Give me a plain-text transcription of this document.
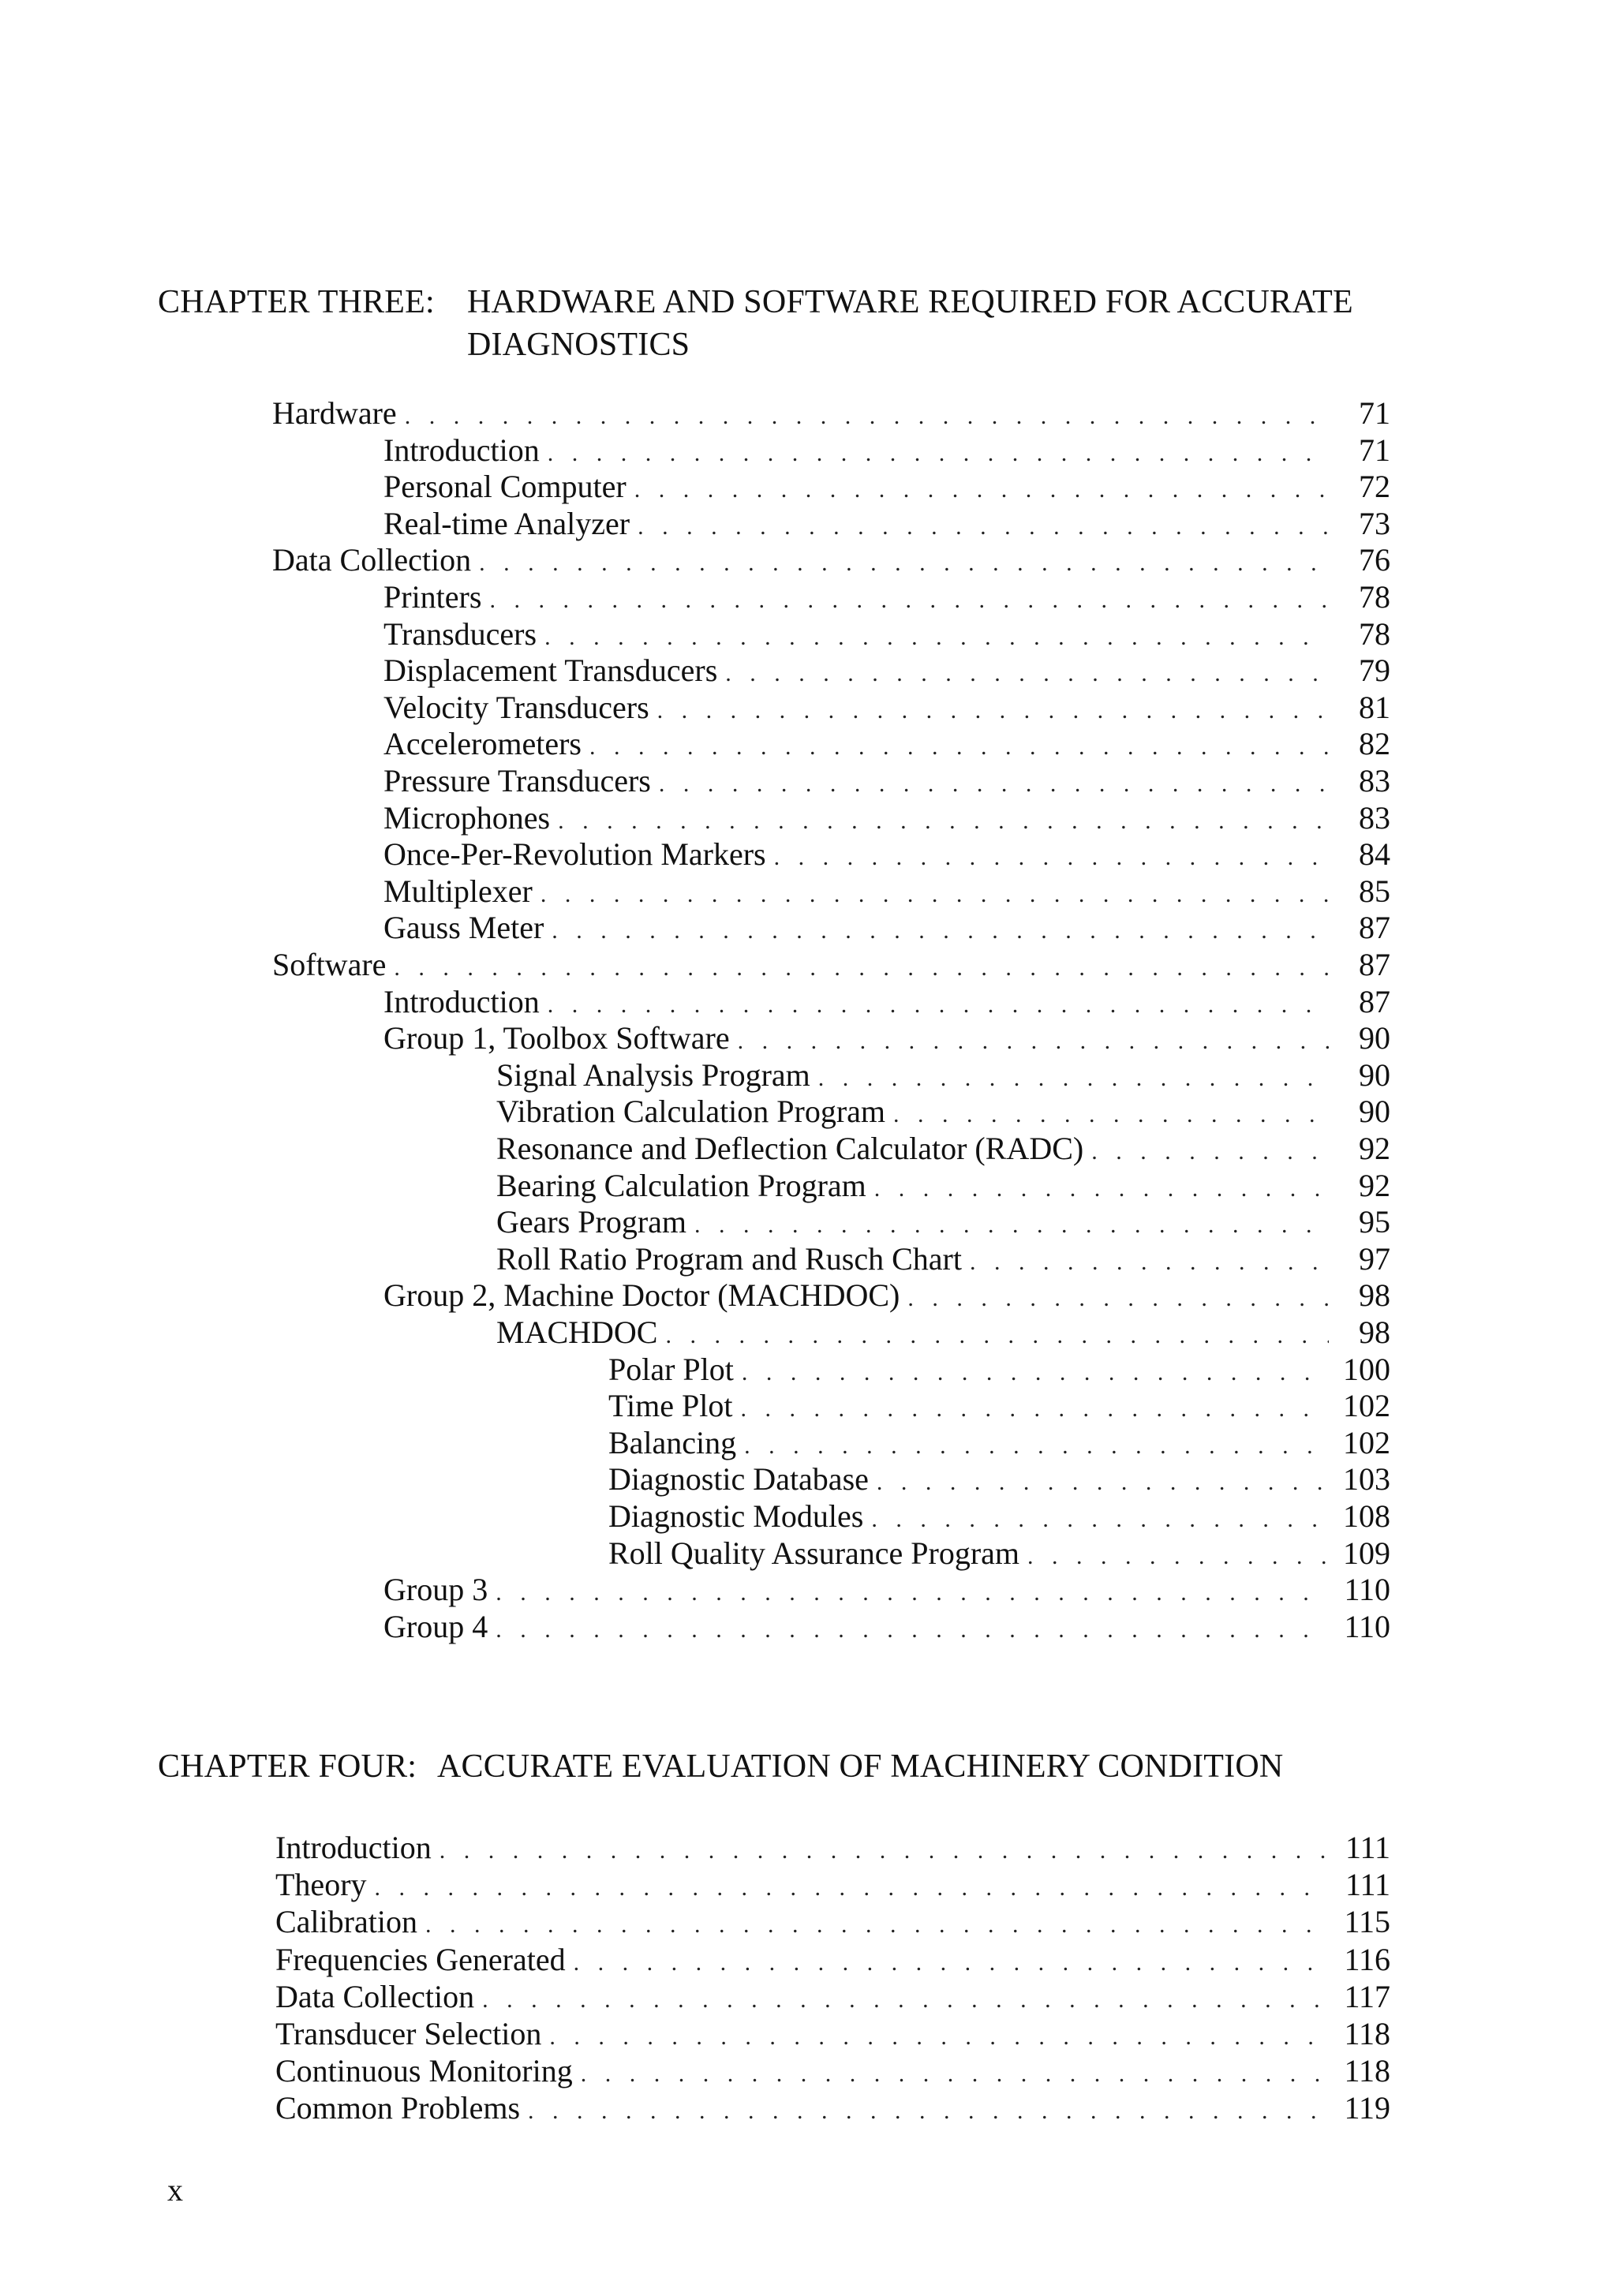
CHAPTER THREE: HARDWARE AND SOFTWARE REQUIRED FOR ACCURATE DIAGNOSTICS
Hardware . . .	71
Introduction . . .	71
Personal Computer . . .	72
Real-time Analyzer . . .	73
Data Collection . . .	76
Printers . . .	78
Transducers . . .	78
Displacement Transducers . . .	79
Velocity Transducers . . .	81
Accelerometers . . .	82
Pressure Transducers . . .	83
Microphones . . .	83
Once-Per-Revolution Markers . . .	84
Multiplexer . . .	85
Gauss Meter . . .	87
Software . . .	87
Introduction . . .	87
Group 1, Toolbox Software . . .	90
Signal Analysis Program . . .	90
Vibration Calculation Program . . .	90
Resonance and Deflection Calculator (RADC) . . .	92
Bearing Calculation Program . . .	92
Gears Program . . .	95
Roll Ratio Program and Rusch Chart . . .	97
Group 2, Machine Doctor (MACHDOC) . . .	98
MACHDOC . . .	98
Polar Plot . . .	100
Time Plot . . .	102
Balancing . . .	102
Diagnostic Database . . .	103
Diagnostic Modules . . .	108
Roll Quality Assurance Program . . .	109
Group 3 . . .	110
Group 4 . . .	110
CHAPTER FOUR: ACCURATE EVALUATION OF MACHINERY CONDITION
Introduction . . .	111
Theory . . .	111
Calibration . . .	115
Frequencies Generated . . .	116
Data Collection . . .	117
Transducer Selection . . .	118
Continuous Monitoring . . .	118
Common Problems . . .	119
x
